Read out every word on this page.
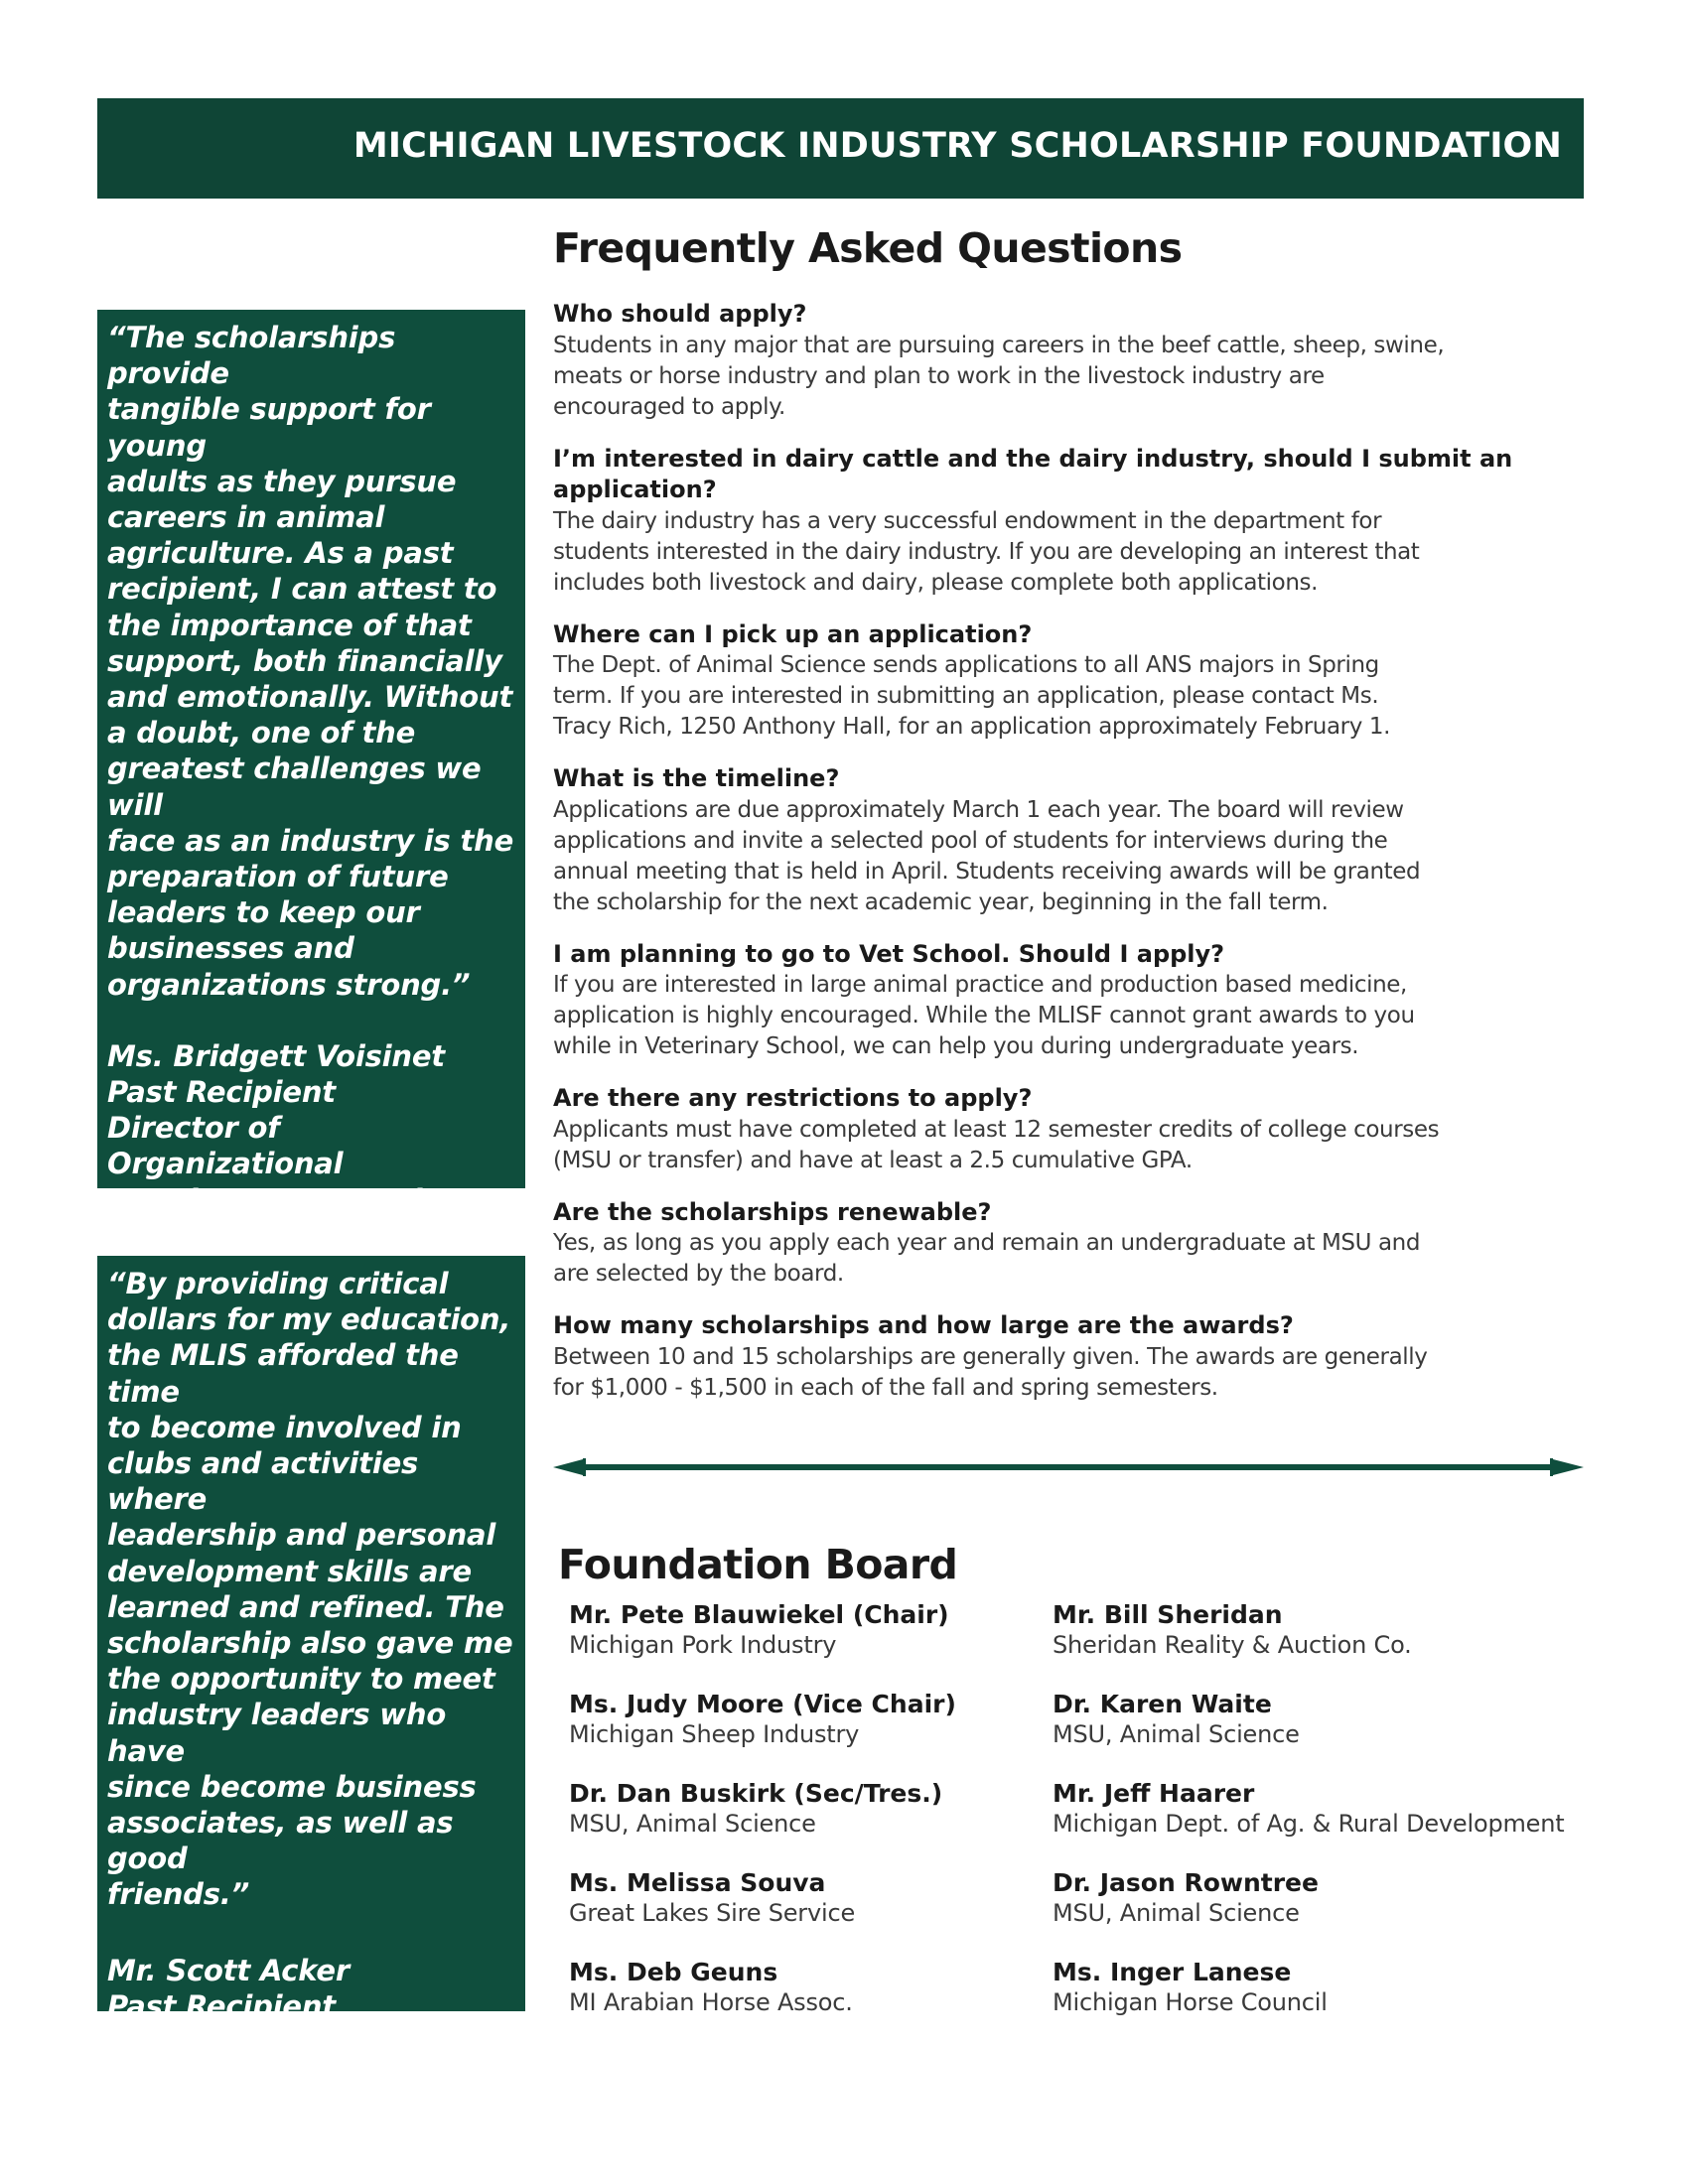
MICHIGAN LIVESTOCK INDUSTRY SCHOLARSHIP FOUNDATION
Frequently Asked Questions

“The scholarships provide
tangible support for young
adults as they pursue
careers in animal
agriculture. As a past
recipient, I can attest to
the importance of that
support, both financially
and emotionally. Without
a doubt, one of the
greatest challenges we will
face as an industry is the
preparation of future
leaders to keep our
businesses and
organizations strong.”

Ms. Bridgett Voisinet
Past Recipient
Director of Organizational
Development, NorthStar
Cooperative, Inc.

“By providing critical
dollars for my education,
the MLIS afforded the time
to become involved in
clubs and activities where
leadership and personal
development skills are
learned and refined. The
scholarship also gave me
the opportunity to meet
industry leaders who have
since become business
associates, as well as good
friends.”

Mr. Scott Acker
Past Recipient
Senior Regional Manager,
United Producers, Inc.

Who should apply?

Students in any major that are pursuing careers in the beef cattle, sheep, swine,
meats or horse industry and plan to work in the livestock industry are
encouraged to apply.

I’m interested in dairy cattle and the dairy industry, should I submit an
application?

The dairy industry has a very successful endowment in the department for
students interested in the dairy industry. If you are developing an interest that
includes both livestock and dairy, please complete both applications.

Where can I pick up an application?

The Dept. of Animal Science sends applications to all ANS majors in Spring
term. If you are interested in submitting an application, please contact Ms.
Tracy Rich, 1250 Anthony Hall, for an application approximately February 1.

What is the timeline?

Applications are due approximately March 1 each year. The board will review
applications and invite a selected pool of students for interviews during the
annual meeting that is held in April. Students receiving awards will be granted
the scholarship for the next academic year, beginning in the fall term.

I am planning to go to Vet School. Should I apply?

If you are interested in large animal practice and production based medicine,
application is highly encouraged. While the MLISF cannot grant awards to you
while in Veterinary School, we can help you during undergraduate years.

Are there any restrictions to apply?

Applicants must have completed at least 12 semester credits of college courses
(MSU or transfer) and have at least a 2.5 cumulative GPA.

Are the scholarships renewable?

Yes, as long as you apply each year and remain an undergraduate at MSU and
are selected by the board.

How many scholarships and how large are the awards?

Between 10 and 15 scholarships are generally given. The awards are generally
for $1,000 - $1,500 in each of the fall and spring semesters.

Foundation Board

Mr. Pete Blauwiekel (Chair)

Michigan Pork Industry

Ms. Judy Moore (Vice Chair)

Michigan Sheep Industry

Dr. Dan Buskirk (Sec/Tres.)

MSU, Animal Science

Ms. Melissa Souva

Great Lakes Sire Service

Ms. Deb Geuns

MI Arabian Horse Assoc.

Mr. Bill Sheridan

Sheridan Reality & Auction Co.

Dr. Karen Waite

MSU, Animal Science

Mr. Jeff Haarer

Michigan Dept. of Ag. & Rural Development

Dr. Jason Rowntree

MSU, Animal Science

Ms. Inger Lanese

Michigan Horse Council
